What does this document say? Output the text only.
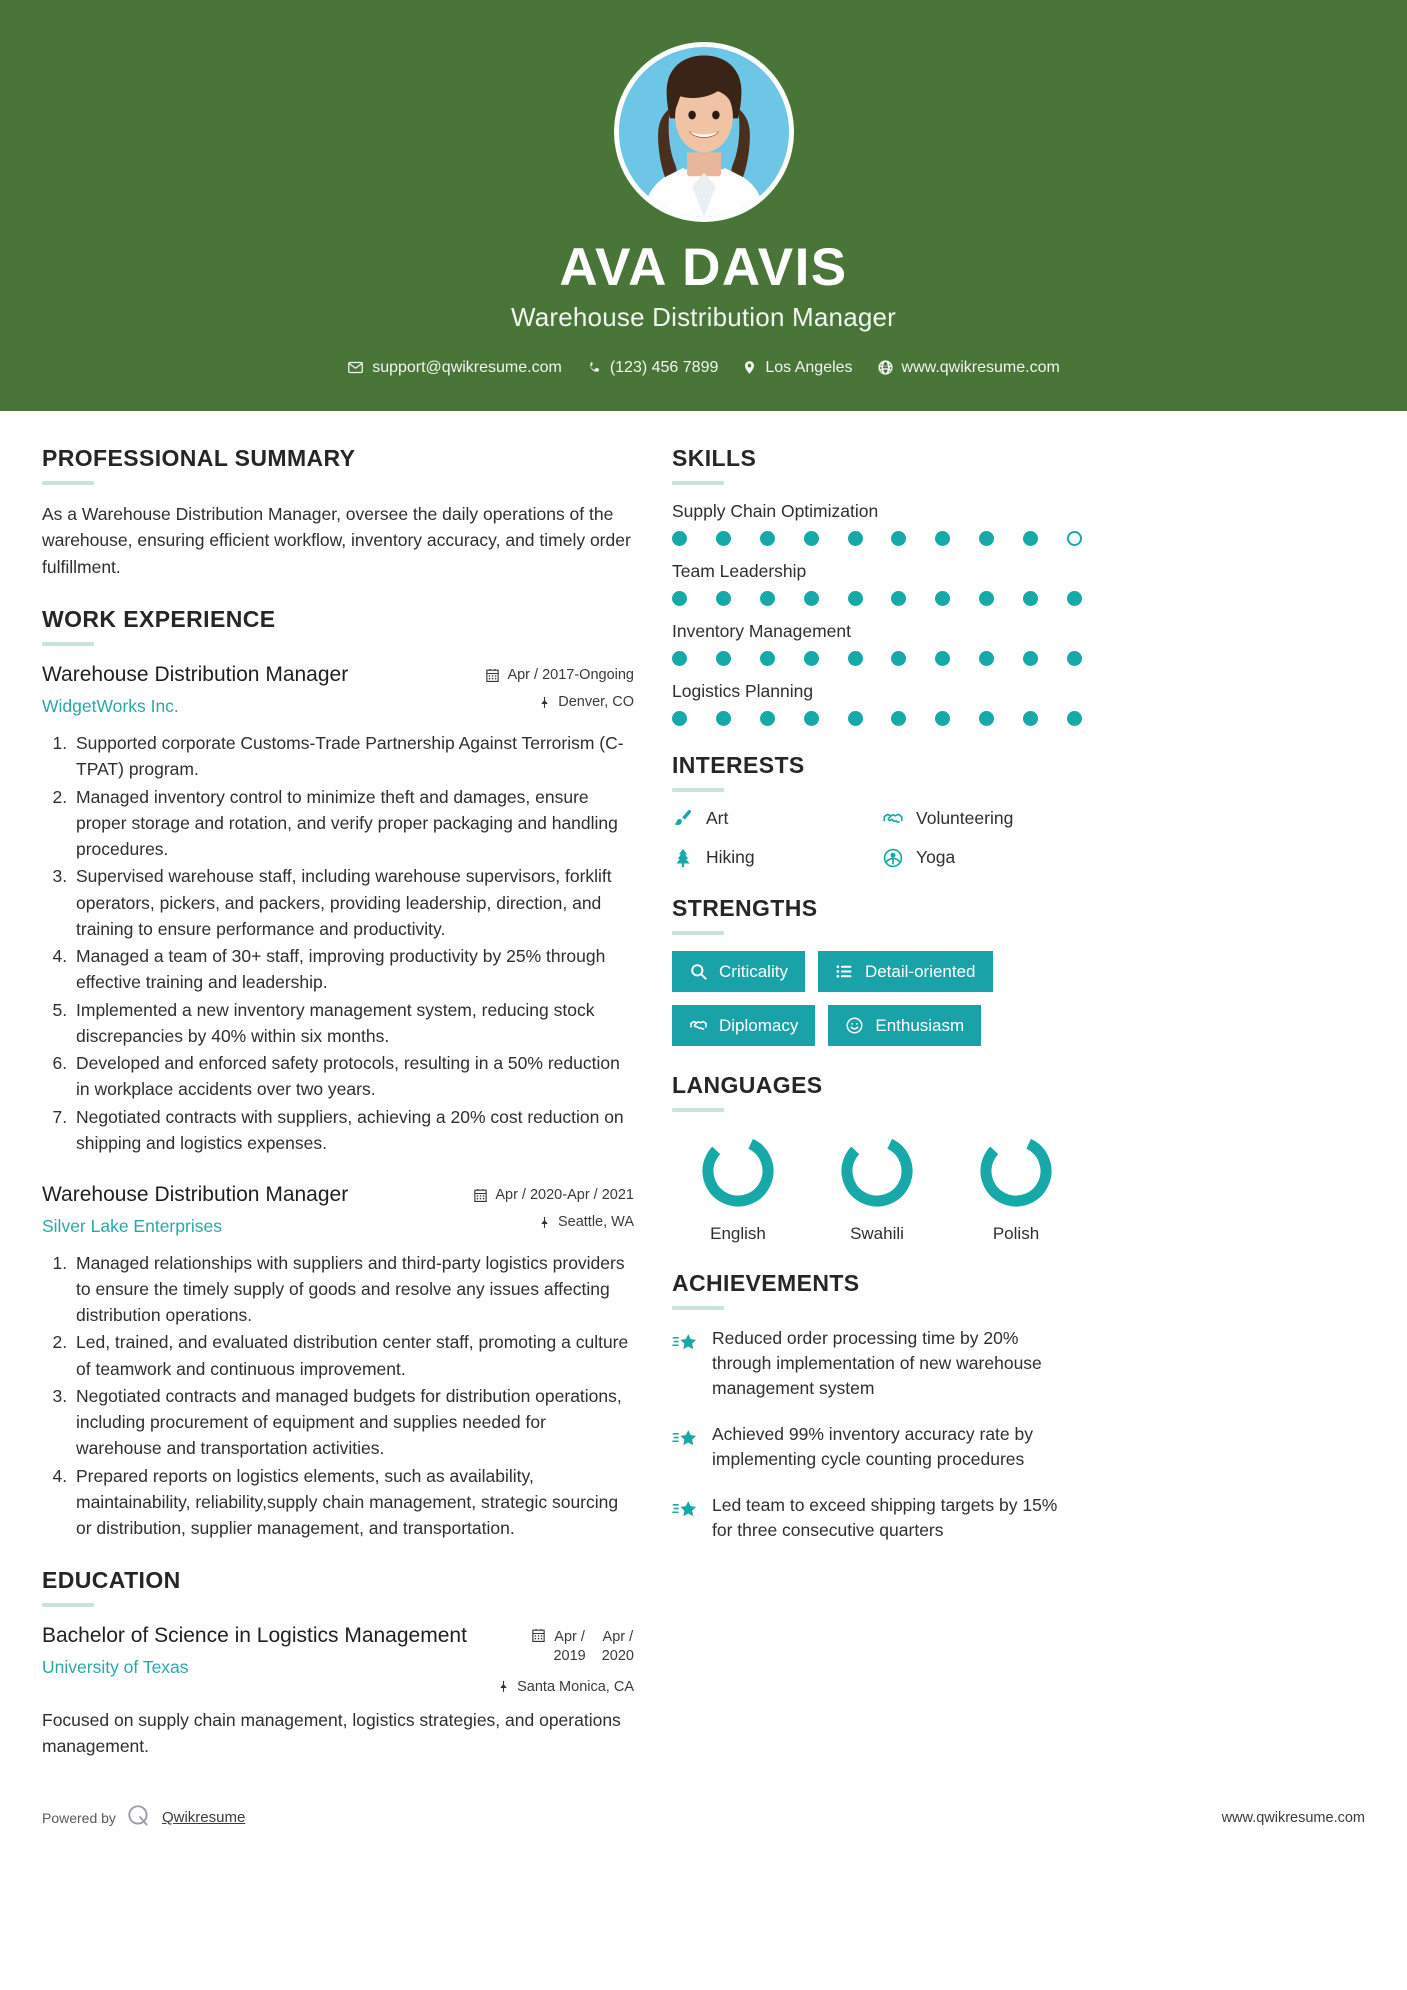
AVA DAVIS
Warehouse Distribution Manager
support@qwikresume.com	(123) 456 7899	Los Angeles	www.qwikresume.com
PROFESSIONAL SUMMARY
As a Warehouse Distribution Manager, oversee the daily operations of the warehouse, ensuring efficient workflow, inventory accuracy, and timely order fulfillment.
WORK EXPERIENCE
Warehouse Distribution Manager
WidgetWorks Inc.
Apr / 2017-Ongoing
Denver, CO
1. Supported corporate Customs-Trade Partnership Against Terrorism (C-TPAT) program.
2. Managed inventory control to minimize theft and damages, ensure proper storage and rotation, and verify proper packaging and handling procedures.
3. Supervised warehouse staff, including warehouse supervisors, forklift operators, pickers, and packers, providing leadership, direction, and training to ensure performance and productivity.
4. Managed a team of 30+ staff, improving productivity by 25% through effective training and leadership.
5. Implemented a new inventory management system, reducing stock discrepancies by 40% within six months.
6. Developed and enforced safety protocols, resulting in a 50% reduction in workplace accidents over two years.
7. Negotiated contracts with suppliers, achieving a 20% cost reduction on shipping and logistics expenses.
Warehouse Distribution Manager
Silver Lake Enterprises
Apr / 2020-Apr / 2021
Seattle, WA
1. Managed relationships with suppliers and third-party logistics providers to ensure the timely supply of goods and resolve any issues affecting distribution operations.
2. Led, trained, and evaluated distribution center staff, promoting a culture of teamwork and continuous improvement.
3. Negotiated contracts and managed budgets for distribution operations, including procurement of equipment and supplies needed for warehouse and transportation activities.
4. Prepared reports on logistics elements, such as availability, maintainability, reliability,supply chain management, strategic sourcing or distribution, supplier management, and transportation.
EDUCATION
Bachelor of Science in Logistics Management
University of Texas
Apr /
2019
Apr /
2020
Santa Monica, CA
Focused on supply chain management, logistics strategies, and operations management.
SKILLS
Supply Chain Optimization
Team Leadership
Inventory Management
Logistics Planning
INTERESTS
Art	Volunteering
Hiking	Yoga
STRENGTHS
Criticality	Detail-oriented
Diplomacy	Enthusiasm
LANGUAGES
English	Swahili	Polish
ACHIEVEMENTS
Reduced order processing time by 20% through implementation of new warehouse management system
Achieved 99% inventory accuracy rate by implementing cycle counting procedures
Led team to exceed shipping targets by 15% for three consecutive quarters
Powered by	Qwikresume	www.qwikresume.com
